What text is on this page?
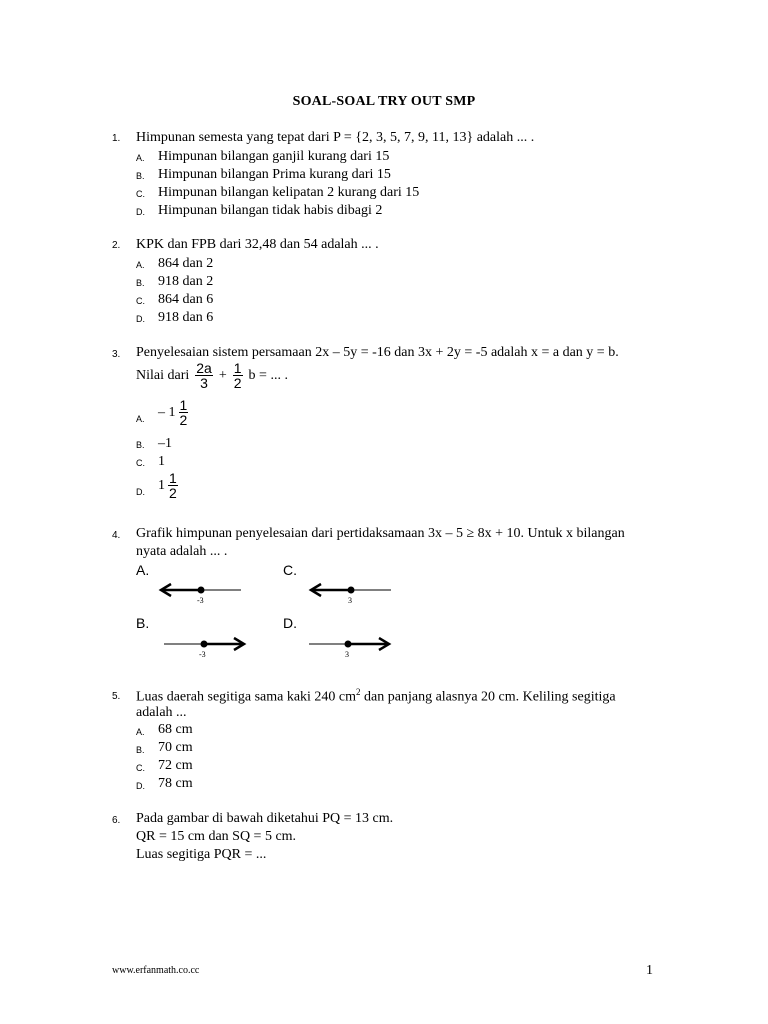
SOAL-SOAL TRY OUT SMP
1. Himpunan semesta yang tepat dari P = {2, 3, 5, 7, 9, 11, 13} adalah ... .
A. Himpunan bilangan ganjil kurang dari 15
B. Himpunan bilangan Prima kurang dari 15
C. Himpunan bilangan kelipatan 2 kurang dari 15
D. Himpunan bilangan tidak habis dibagi 2
2. KPK dan FPB dari 32,48 dan 54 adalah ... .
A. 864 dan 2
B. 918 dan 2
C. 864 dan 6
D. 918 dan 6
3. Penyelesaian sistem persamaan 2x – 5y = -16 dan 3x + 2y = -5 adalah x = a dan y = b.
Nilai dari $\frac{2a}{3} + \frac{1}{2}$ b = ... .
A. – $1 \frac{1}{2}$
B. –1
C. 1
D. $1 \frac{1}{2}$
4. Grafik himpunan penyelesaian dari pertidaksamaan 3x – 5 ≥ 8x + 10. Untuk x bilangan
nyata adalah ... .
A.	C.
B.	D.
-3	3
-3	3
5. Luas daerah segitiga sama kaki 240 $cm^2$ dan panjang alasnya 20 cm. Keliling segitiga
adalah ...
A. 68 cm
B. 70 cm
C. 72 cm
D. 78 cm
6. Pada gambar di bawah diketahui PQ = 13 cm.
QR = 15 cm dan SQ = 5 cm.
Luas segitiga PQR = ...
www.erfanmath.co.cc	1
